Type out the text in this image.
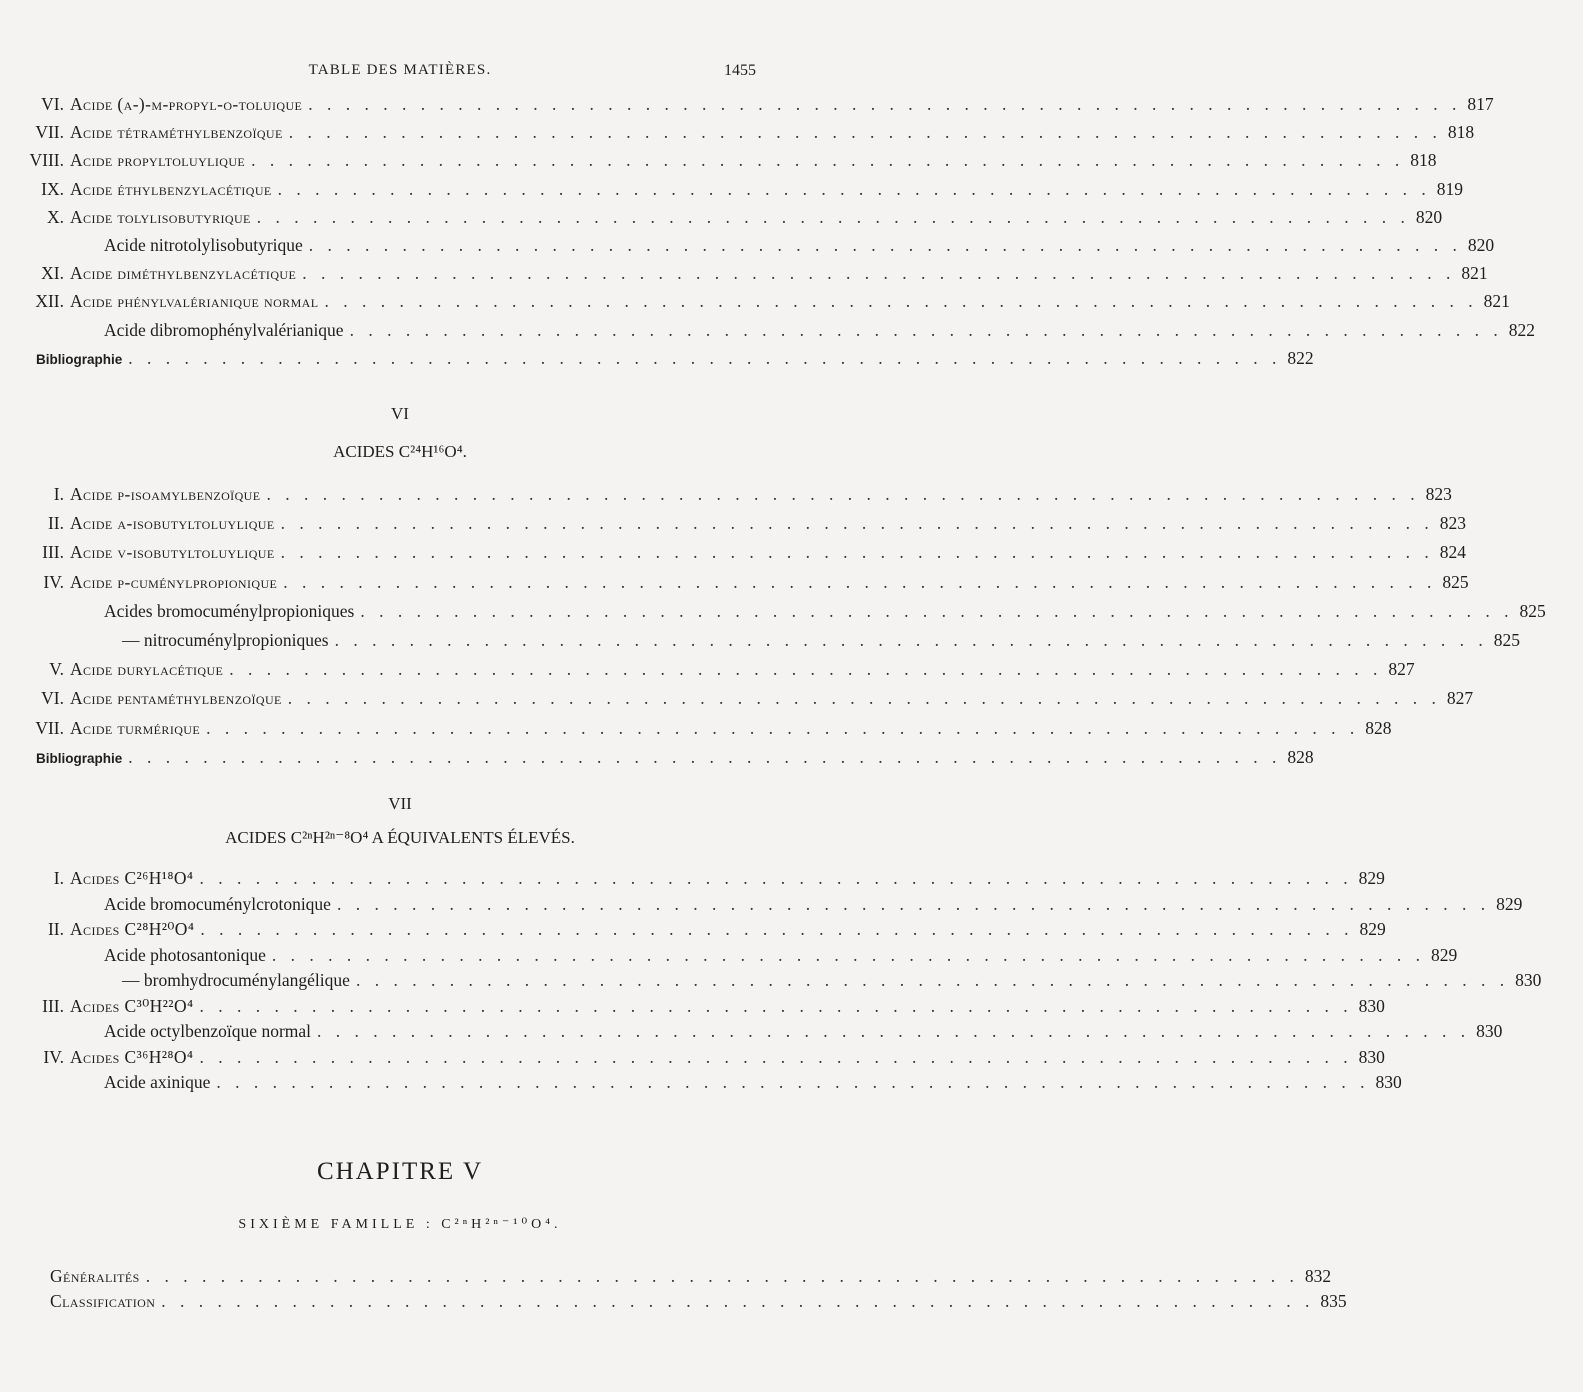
TABLE DES MATIÈRES.	1455
VI. Acide (a-)-m-propyl-o-toluique . . . . . . . . . . . . . . . . . . . . . . . . . . . . . . . . . . . . . . . . . . . . . . . . . . . . . . . . . . . . . . 817
VII. Acide tétraméthylbenzoïque . . . . . . . . . . . . . . . . . . . . . . . . . . . . . . . . . . . . . . . . . . . . . . . . . . . . . . . . . . . . . . 818
VIII. Acide propyltoluylique . . . . . . . . . . . . . . . . . . . . . . . . . . . . . . . . . . . . . . . . . . . . . . . . . . . . . . . . . . . . . . 818
IX. Acide éthylbenzylacétique . . . . . . . . . . . . . . . . . . . . . . . . . . . . . . . . . . . . . . . . . . . . . . . . . . . . . . . . . . . . . . 819
X. Acide tolylisobutyrique . . . . . . . . . . . . . . . . . . . . . . . . . . . . . . . . . . . . . . . . . . . . . . . . . . . . . . . . . . . . . . 820
Acide nitrotolylisobutyrique . . . . . . . . . . . . . . . . . . . . . . . . . . . . . . . . . . . . . . . . . . . . . . . . . . . . . . . . . . . . . . 820
XI. Acide diméthylbenzylacétique . . . . . . . . . . . . . . . . . . . . . . . . . . . . . . . . . . . . . . . . . . . . . . . . . . . . . . . . . . . . . . 821
XII. Acide phénylvalérianique normal . . . . . . . . . . . . . . . . . . . . . . . . . . . . . . . . . . . . . . . . . . . . . . . . . . . . . . . . . . . . . . 821
Acide dibromophénylvalérianique . . . . . . . . . . . . . . . . . . . . . . . . . . . . . . . . . . . . . . . . . . . . . . . . . . . . . . . . . . . . . . 822
Bibliographie . . . . . . . . . . . . . . . . . . . . . . . . . . . . . . . . . . . . . . . . . . . . . . . . . . . . . . . . . . . . . . 822
VI
ACIDES C²⁴H¹⁶O⁴.
I. Acide p-isoamylbenzoïque . . . . . . . . . . . . . . . . . . . . . . . . . . . . . . . . . . . . . . . . . . . . . . . . . . . . . . . . . . . . . . 823
II. Acide α-isobutyltoluylique . . . . . . . . . . . . . . . . . . . . . . . . . . . . . . . . . . . . . . . . . . . . . . . . . . . . . . . . . . . . . . 823
III. Acide v-isobutyltoluylique . . . . . . . . . . . . . . . . . . . . . . . . . . . . . . . . . . . . . . . . . . . . . . . . . . . . . . . . . . . . . . 824
IV. Acide p-cuménylpropionique . . . . . . . . . . . . . . . . . . . . . . . . . . . . . . . . . . . . . . . . . . . . . . . . . . . . . . . . . . . . . . 825
Acides bromocuménylpropioniques . . . . . . . . . . . . . . . . . . . . . . . . . . . . . . . . . . . . . . . . . . . . . . . . . . . . . . . . . . . . . . 825
— nitrocuménylpropioniques . . . . . . . . . . . . . . . . . . . . . . . . . . . . . . . . . . . . . . . . . . . . . . . . . . . . . . . . . . . . . . 825
V. Acide durylacétique . . . . . . . . . . . . . . . . . . . . . . . . . . . . . . . . . . . . . . . . . . . . . . . . . . . . . . . . . . . . . . 827
VI. Acide pentaméthylbenzoïque . . . . . . . . . . . . . . . . . . . . . . . . . . . . . . . . . . . . . . . . . . . . . . . . . . . . . . . . . . . . . . 827
VII. Acide turmérique . . . . . . . . . . . . . . . . . . . . . . . . . . . . . . . . . . . . . . . . . . . . . . . . . . . . . . . . . . . . . . 828
Bibliographie . . . . . . . . . . . . . . . . . . . . . . . . . . . . . . . . . . . . . . . . . . . . . . . . . . . . . . . . . . . . . . 828
VII
ACIDES C²ⁿH²ⁿ⁻⁸O⁴ A ÉQUIVALENTS ÉLEVÉS.
I. Acides C²⁶H¹⁸O⁴ . . . . . . . . . . . . . . . . . . . . . . . . . . . . . . . . . . . . . . . . . . . . . . . . . . . . . . . . . . . . . . 829
Acide bromocuménylcrotonique . . . . . . . . . . . . . . . . . . . . . . . . . . . . . . . . . . . . . . . . . . . . . . . . . . . . . . . . . . . . . . 829
II. Acides C²⁸H²⁰O⁴ . . . . . . . . . . . . . . . . . . . . . . . . . . . . . . . . . . . . . . . . . . . . . . . . . . . . . . . . . . . . . . 829
Acide photosantonique . . . . . . . . . . . . . . . . . . . . . . . . . . . . . . . . . . . . . . . . . . . . . . . . . . . . . . . . . . . . . . 829
— bromhydrocuménylangélique . . . . . . . . . . . . . . . . . . . . . . . . . . . . . . . . . . . . . . . . . . . . . . . . . . . . . . . . . . . . . . 830
III. Acides C³⁰H²²O⁴ . . . . . . . . . . . . . . . . . . . . . . . . . . . . . . . . . . . . . . . . . . . . . . . . . . . . . . . . . . . . . . 830
Acide octylbenzoïque normal . . . . . . . . . . . . . . . . . . . . . . . . . . . . . . . . . . . . . . . . . . . . . . . . . . . . . . . . . . . . . . 830
IV. Acides C³⁶H²⁸O⁴ . . . . . . . . . . . . . . . . . . . . . . . . . . . . . . . . . . . . . . . . . . . . . . . . . . . . . . . . . . . . . . 830
Acide axinique . . . . . . . . . . . . . . . . . . . . . . . . . . . . . . . . . . . . . . . . . . . . . . . . . . . . . . . . . . . . . . 830
CHAPITRE V
SIXIÈME FAMILLE : C²ⁿH²ⁿ⁻¹⁰O⁴.
Généralités . . . . . . . . . . . . . . . . . . . . . . . . . . . . . . . . . . . . . . . . . . . . . . . . . . . . . . . . . . . . . . 832
Classification . . . . . . . . . . . . . . . . . . . . . . . . . . . . . . . . . . . . . . . . . . . . . . . . . . . . . . . . . . . . . . 835
